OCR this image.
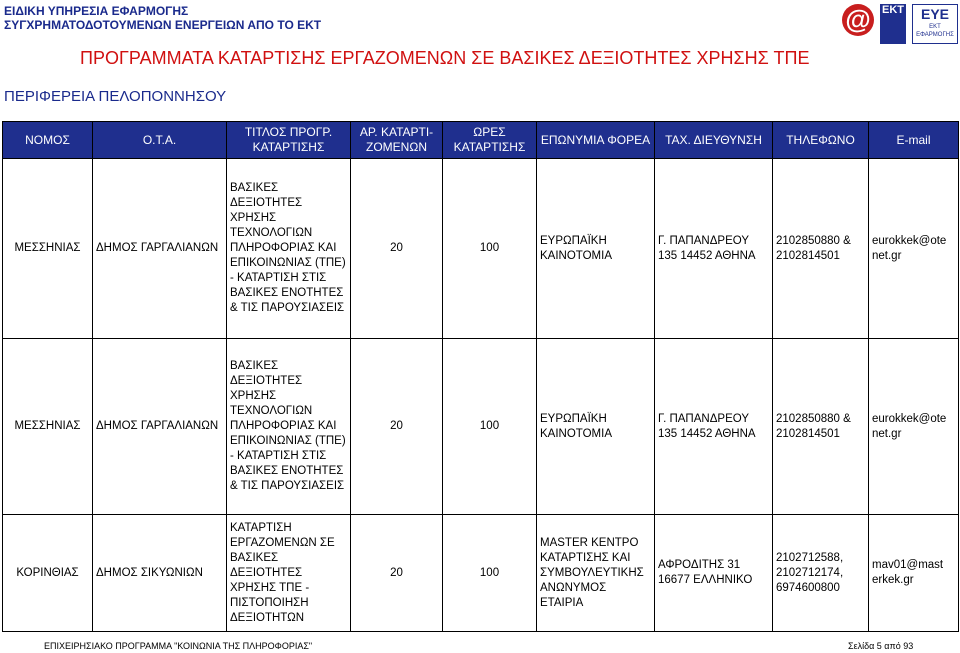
ΕΙΔΙΚΗ ΥΠΗΡΕΣΙΑ ΕΦΑΡΜΟΓΗΣ
ΣΥΓΧΡΗΜΑΤΟΔΟΤΟΥΜΕΝΩΝ ΕΝΕΡΓΕΙΩΝ ΑΠΟ ΤΟ ΕΚΤ	@	ΕΚΤ	ΕΥΕ
ΕΚΤ ΕΦΑΡΜΟΓΗΣ
ΠΡΟΓΡΑΜΜΑΤΑ ΚΑΤΑΡΤΙΣΗΣ ΕΡΓΑΖΟΜΕΝΩΝ ΣΕ ΒΑΣΙΚΕΣ ΔΕΞΙΟΤΗΤΕΣ ΧΡΗΣΗΣ ΤΠΕ
ΠΕΡΙΦΕΡΕΙΑ ΠΕΛΟΠΟΝΝΗΣΟΥ
ΝΟΜΟΣ	Ο.Τ.Α.	ΤΙΤΛΟΣ ΠΡΟΓΡ. ΚΑΤΑΡΤΙΣΗΣ	ΑΡ. ΚΑΤΑΡΤΙ- ΖΟΜΕΝΩΝ	ΩΡΕΣ ΚΑΤΑΡΤΙΣΗΣ	ΕΠΩΝΥΜΙΑ ΦΟΡΕΑ	ΤΑΧ. ΔΙΕΥΘΥΝΣΗ	ΤΗΛΕΦΩΝΟ	E-mail
ΜΕΣΣΗΝΙΑΣ	ΔΗΜΟΣ ΓΑΡΓΑΛΙΑΝΩΝ	ΒΑΣΙΚΕΣ ΔΕΞΙΟΤΗΤΕΣ ΧΡΗΣΗΣ ΤΕΧΝΟΛΟΓΙΩΝ ΠΛΗΡΟΦΟΡΙΑΣ ΚΑΙ ΕΠΙΚΟΙΝΩΝΙΑΣ (ΤΠΕ) - ΚΑΤΑΡΤΙΣΗ ΣΤΙΣ ΒΑΣΙΚΕΣ ΕΝΟΤΗΤΕΣ & ΤΙΣ ΠΑΡΟΥΣΙΑΣΕΙΣ	20	100	ΕΥΡΩΠΑΪΚΗ ΚΑΙΝΟΤΟΜΙΑ	Γ. ΠΑΠΑΝΔΡΕΟΥ 135 14452 ΑΘΗΝΑ	2102850880 & 2102814501	eurokkek@ote net.gr
ΜΕΣΣΗΝΙΑΣ	ΔΗΜΟΣ ΓΑΡΓΑΛΙΑΝΩΝ	ΒΑΣΙΚΕΣ ΔΕΞΙΟΤΗΤΕΣ ΧΡΗΣΗΣ ΤΕΧΝΟΛΟΓΙΩΝ ΠΛΗΡΟΦΟΡΙΑΣ ΚΑΙ ΕΠΙΚΟΙΝΩΝΙΑΣ (ΤΠΕ) - ΚΑΤΑΡΤΙΣΗ ΣΤΙΣ ΒΑΣΙΚΕΣ ΕΝΟΤΗΤΕΣ & ΤΙΣ ΠΑΡΟΥΣΙΑΣΕΙΣ	20	100	ΕΥΡΩΠΑΪΚΗ ΚΑΙΝΟΤΟΜΙΑ	Γ. ΠΑΠΑΝΔΡΕΟΥ 135 14452 ΑΘΗΝΑ	2102850880 & 2102814501	eurokkek@ote net.gr
ΚΟΡΙΝΘΙΑΣ	ΔΗΜΟΣ ΣΙΚΥΩΝΙΩΝ	ΚΑΤΑΡΤΙΣΗ ΕΡΓΑΖΟΜΕΝΩΝ ΣΕ ΒΑΣΙΚΕΣ ΔΕΞΙΟΤΗΤΕΣ ΧΡΗΣΗΣ ΤΠΕ - ΠΙΣΤΟΠΟΙΗΣΗ ΔΕΞΙΟΤΗΤΩΝ	20	100	MASTER ΚΕΝΤΡΟ ΚΑΤΑΡΤΙΣΗΣ ΚΑΙ ΣΥΜΒΟΥΛΕΥΤΙΚΗΣ ΑΝΩΝΥΜΟΣ ΕΤΑΙΡΙΑ	ΑΦΡΟΔΙΤΗΣ 31 16677 ΕΛΛΗΝΙΚΟ	2102712588, 2102712174, 6974600800	mav01@mast erkek.gr
ΕΠΙΧΕΙΡΗΣΙΑΚΟ ΠΡΟΓΡΑΜΜΑ "ΚΟΙΝΩΝΙΑ ΤΗΣ ΠΛΗΡΟΦΟΡΙΑΣ"	Σελίδα 5 από 93
